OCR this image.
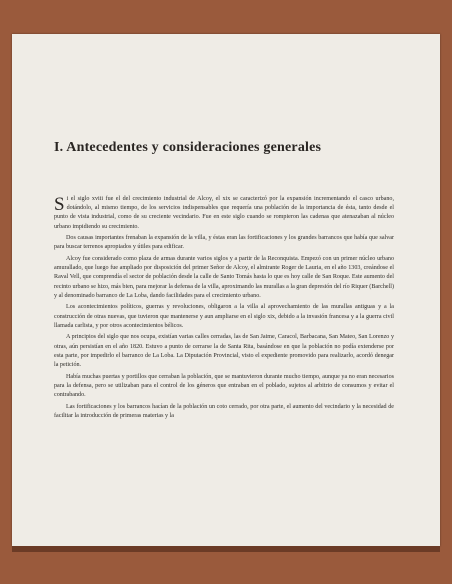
I. Antecedentes y consideraciones generales

Si el siglo xviii fue el del crecimiento industrial de Alcoy, el xix se caracterizó por la expansión incrementando el casco urbano, dotándolo, al mismo tiempo, de los servicios indispensables que requería una población de la importancia de ésta, tanto desde el punto de vista industrial, como de su creciente vecindario. Fue en este siglo cuando se rompieron las cadenas que atenazaban al núcleo urbano impidiendo su crecimiento.

Dos causas importantes frenaban la expansión de la villa, y éstas eran las fortificaciones y los grandes barrancos que había que salvar para buscar terrenos apropiados y útiles para edificar.

Alcoy fue considerado como plaza de armas durante varios siglos y a partir de la Reconquista. Empezó con un primer núcleo urbano amurallado, que luego fue ampliado por disposición del primer Señor de Alcoy, el almirante Roger de Lauria, en el año 1303, creándose el Raval Vell, que comprendía el sector de población desde la calle de Santo Tomás hasta lo que es hoy calle de San Roque. Este aumento del recinto urbano se hizo, más bien, para mejorar la defensa de la villa, aproximando las murallas a la gran depresión del río Riquer (Barchell) y al denominado barranco de La Loba, dando facilidades para el crecimiento urbano.

Los acontecimientos políticos, guerras y revoluciones, obligaron a la villa al aprovechamiento de las murallas antiguas y a la construcción de otras nuevas, que tuvieron que mantenerse y aun ampliarse en el siglo xix, debido a la invasión francesa y a la guerra civil llamada carlista, y por otros acontecimientos bélicos.

A principios del siglo que nos ocupa, existían varias calles cerradas, las de San Jaime, Caracol, Barbacana, San Mateo, San Lorenzo y otras, aún persistían en el año 1820. Estuvo a punto de cerrarse la de Santa Rita, basándose en que la población no podía extenderse por esta parte, por impedirlo el barranco de La Loba. La Diputación Provincial, visto el expediente promovido para realizarlo, acordó denegar la petición.

Había muchas puertas y portillos que cerraban la población, que se mantuvieron durante mucho tiempo, aunque ya no eran necesarios para la defensa, pero se utilizaban para el control de los géneros que entraban en el poblado, sujetos al arbitrio de consumos y evitar el contrabando.

Las fortificaciones y los barrancos hacían de la población un coto cerrado, por otra parte, el aumento del vecindario y la necesidad de facilitar la introducción de primeras materias y la
